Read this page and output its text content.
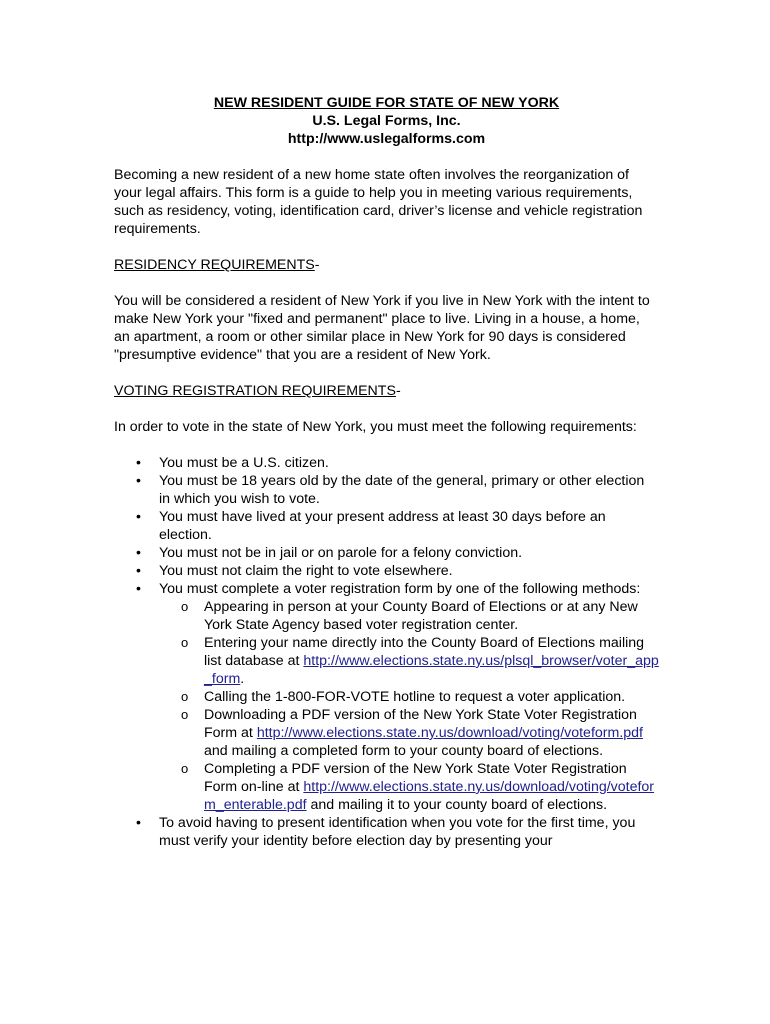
NEW RESIDENT GUIDE FOR STATE OF NEW YORK
U.S. Legal Forms, Inc.
http://www.uslegalforms.com

Becoming a new resident of a new home state often involves the reorganization of your legal affairs. This form is a guide to help you in meeting various requirements, such as residency, voting, identification card, driver’s license and vehicle registration requirements.

RESIDENCY REQUIREMENTS-

You will be considered a resident of New York if you live in New York with the intent to make New York your "fixed and permanent" place to live. Living in a house, a home, an apartment, a room or other similar place in New York for 90 days is considered "presumptive evidence" that you are a resident of New York.

VOTING REGISTRATION REQUIREMENTS-

In order to vote in the state of New York, you must meet the following requirements:

• You must be a U.S. citizen.
• You must be 18 years old by the date of the general, primary or other election in which you wish to vote.
• You must have lived at your present address at least 30 days before an election.
• You must not be in jail or on parole for a felony conviction.
• You must not claim the right to vote elsewhere.
• You must complete a voter registration form by one of the following methods:
o Appearing in person at your County Board of Elections or at any New York State Agency based voter registration center.
o Entering your name directly into the County Board of Elections mailing list database at http://www.elections.state.ny.us/plsql_browser/voter_app_form.
o Calling the 1-800-FOR-VOTE hotline to request a voter application.
o Downloading a PDF version of the New York State Voter Registration Form at http://www.elections.state.ny.us/download/voting/voteform.pdf and mailing a completed form to your county board of elections.
o Completing a PDF version of the New York State Voter Registration Form on-line at http://www.elections.state.ny.us/download/voting/voteform_enterable.pdf and mailing it to your county board of elections.
• To avoid having to present identification when you vote for the first time, you must verify your identity before election day by presenting your
